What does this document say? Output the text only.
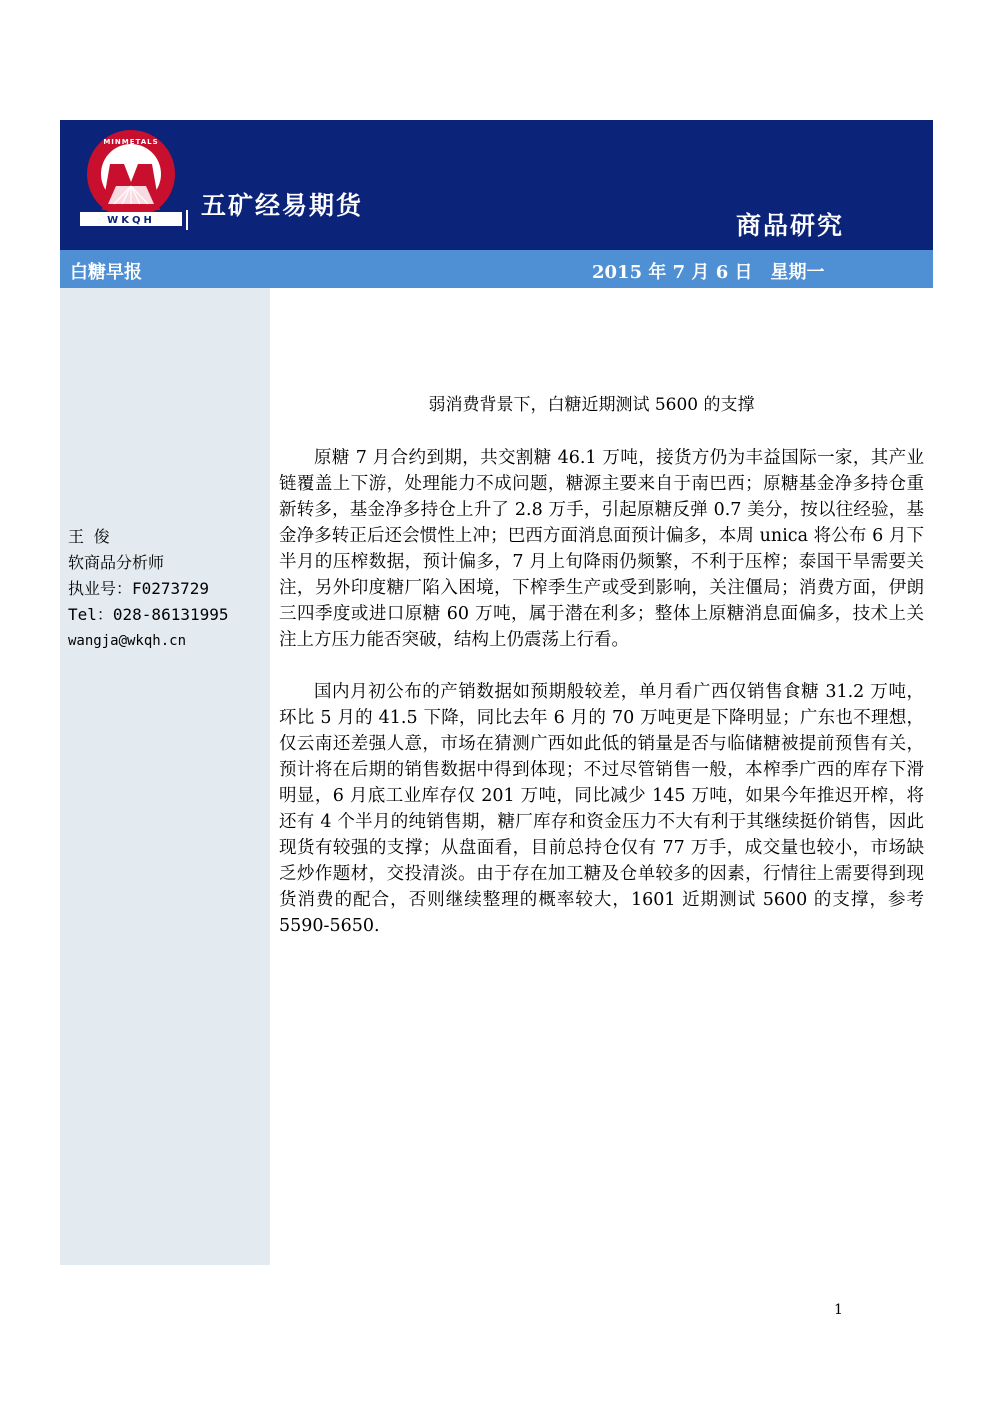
WKQH
MINMETALS
五矿经易期货
商品研究
白糖早报	2015 年 7 月 6 日 星期一
王 俊
软商品分析师
执业号：F0273729
Tel：028-86131995
wangja@wkqh.cn

弱消费背景下，白糖近期测试 5600 的支撑

原糖 7 月合约到期，共交割糖 46.1 万吨，接货方仍为丰益国际一家，其产业链覆盖上下游，处理能力不成问题，糖源主要来自于南巴西；原糖基金净多持仓重新转多，基金净多持仓上升了 2.8 万手，引起原糖反弹 0.7 美分，按以往经验，基金净多转正后还会惯性上冲；巴西方面消息面预计偏多，本周 unica 将公布 6 月下半月的压榨数据，预计偏多，7 月上旬降雨仍频繁，不利于压榨；泰国干旱需要关注，另外印度糖厂陷入困境，下榨季生产或受到影响，关注僵局；消费方面，伊朗三四季度或进口原糖 60 万吨，属于潜在利多；整体上原糖消息面偏多，技术上关注上方压力能否突破，结构上仍震荡上行看。

国内月初公布的产销数据如预期般较差，单月看广西仅销售食糖 31.2 万吨，环比 5 月的 41.5 下降，同比去年 6 月的 70 万吨更是下降明显；广东也不理想，仅云南还差强人意，市场在猜测广西如此低的销量是否与临储糖被提前预售有关，预计将在后期的销售数据中得到体现；不过尽管销售一般，本榨季广西的库存下滑明显，6 月底工业库存仅 201 万吨，同比减少 145 万吨，如果今年推迟开榨，将还有 4 个半月的纯销售期，糖厂库存和资金压力不大有利于其继续挺价销售，因此现货有较强的支撑；从盘面看，目前总持仓仅有 77 万手，成交量也较小，市场缺乏炒作题材，交投清淡。由于存在加工糖及仓单较多的因素，行情往上需要得到现货消费的配合，否则继续整理的概率较大，1601 近期测试 5600 的支撑，参考 5590-5650.

1
